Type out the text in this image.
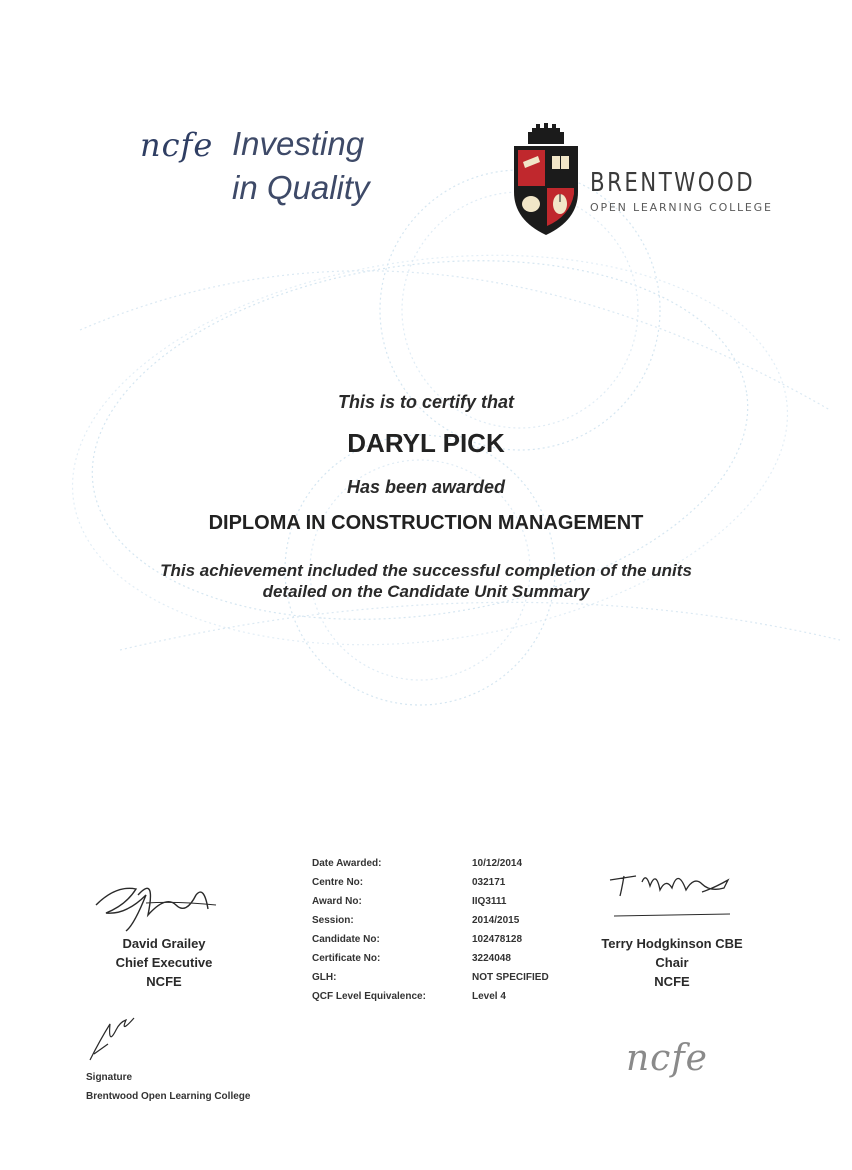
ncfe Investing
in Quality	BRENTWOOD
OPEN LEARNING COLLEGE
This is to certify that
DARYL PICK
Has been awarded
DIPLOMA IN CONSTRUCTION MANAGEMENT
This achievement included the successful completion of the units
detailed on the Candidate Unit Summary
David Grailey
Chief Executive
NCFE
Date Awarded:	10/12/2014
Centre No:	032171
Award No:	IIQ3111
Session:	2014/2015
Candidate No:	102478128
Certificate No:	3224048
GLH:	NOT SPECIFIED
QCF Level Equivalence:	Level 4
Terry Hodgkinson CBE
Chair
NCFE
Signature
Brentwood Open Learning College
ncfe
